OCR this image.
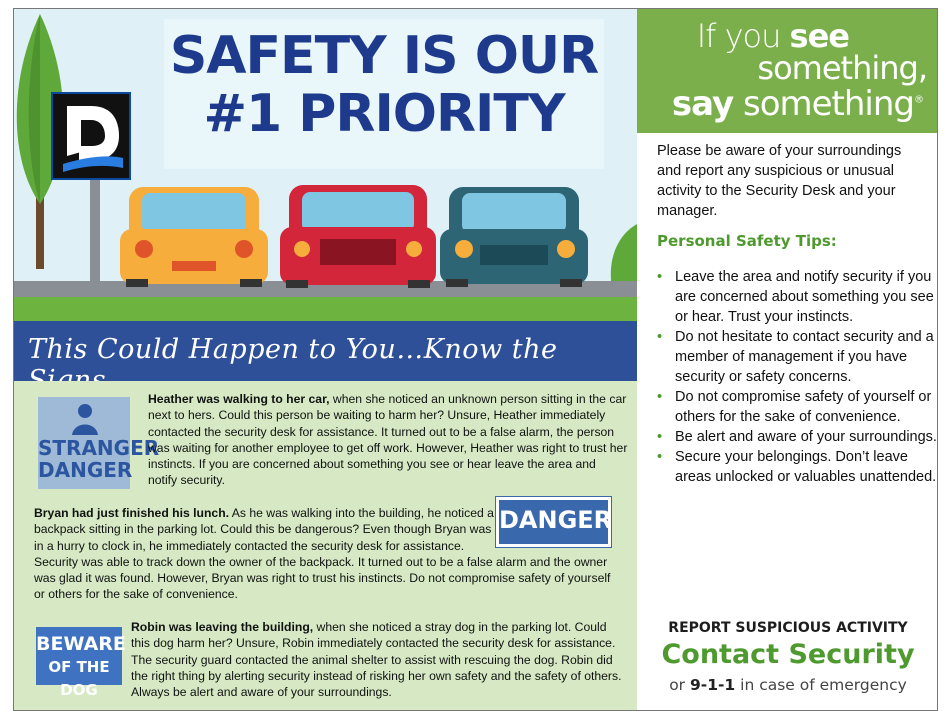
SAFETY IS OUR
#1 PRIORITY
This Could Happen to You…Know the
STRANGER
DANGER
Heather was walking to her car, when she noticed an unknown person sitting in the car next to hers. Could this person be waiting to harm her? Unsure, Heather immediately contacted the security desk for assistance. It turned out to be a false alarm, the person was waiting for another employee to get off work. However, Heather was right to trust her instincts. If you are concerned about something you see or hear leave the area and notify security.
DANGER
Bryan had just finished his lunch. As he was walking into the building, he noticed a backpack sitting in the parking lot. Could this be dangerous? Even though Bryan was in a hurry to clock in, he immediately contacted the security desk for assistance. Security was able to track down the owner of the backpack. It turned out to be a false alarm and the owner was glad it was found. However, Bryan was right to trust his instincts. Do not compromise safety of yourself or others for the sake of convenience.
BEWARE
OF THE DOG
Robin was leaving the building, when she noticed a stray dog in the parking lot. Could this dog harm her? Unsure, Robin immediately contacted the security desk for assistance. The security guard contacted the animal shelter to assist with rescuing the dog. Robin did the right thing by alerting security instead of risking her own safety and the safety of others. Always be alert and aware of your surroundings.
If you see
something,
say something®
Please be aware of your surroundings and report any suspicious or unusual activity to the Security Desk and your manager.
Personal Safety Tips:
• Leave the area and notify security if you are concerned about something you see or hear. Trust your instincts.
• Do not hesitate to contact security and a member of management if you have security or safety concerns.
• Do not compromise safety of yourself or others for the sake of convenience.
• Be alert and aware of your surroundings.
• Secure your belongings. Don’t leave areas unlocked or valuables unattended.
REPORT SUSPICIOUS ACTIVITY
Contact Security
or 9-1-1 in case of emergency
